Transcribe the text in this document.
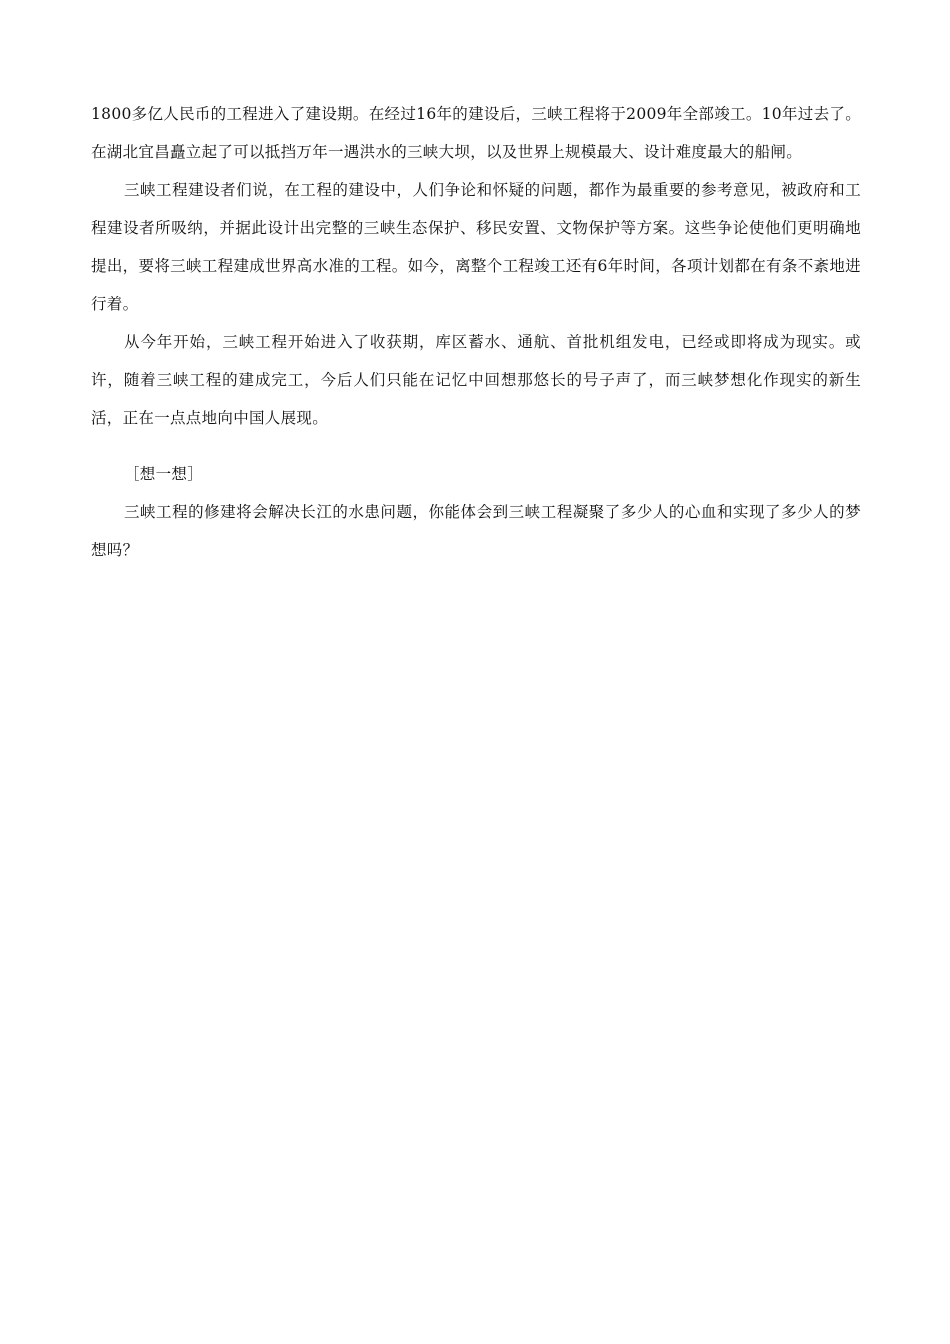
1800多亿人民币的工程进入了建设期。在经过16年的建设后，三峡工程将于2009年全部竣工。10年过去了。在湖北宜昌矗立起了可以抵挡万年一遇洪水的三峡大坝，以及世界上规模最大、设计难度最大的船闸。

三峡工程建设者们说，在工程的建设中，人们争论和怀疑的问题，都作为最重要的参考意见，被政府和工程建设者所吸纳，并据此设计出完整的三峡生态保护、移民安置、文物保护等方案。这些争论使他们更明确地提出，要将三峡工程建成世界高水准的工程。如今，离整个工程竣工还有6年时间，各项计划都在有条不紊地进行着。

从今年开始，三峡工程开始进入了收获期，库区蓄水、通航、首批机组发电，已经或即将成为现实。或许，随着三峡工程的建成完工，今后人们只能在记忆中回想那悠长的号子声了，而三峡梦想化作现实的新生活，正在一点点地向中国人展现。

［想一想］

三峡工程的修建将会解决长江的水患问题，你能体会到三峡工程凝聚了多少人的心血和实现了多少人的梦想吗？
